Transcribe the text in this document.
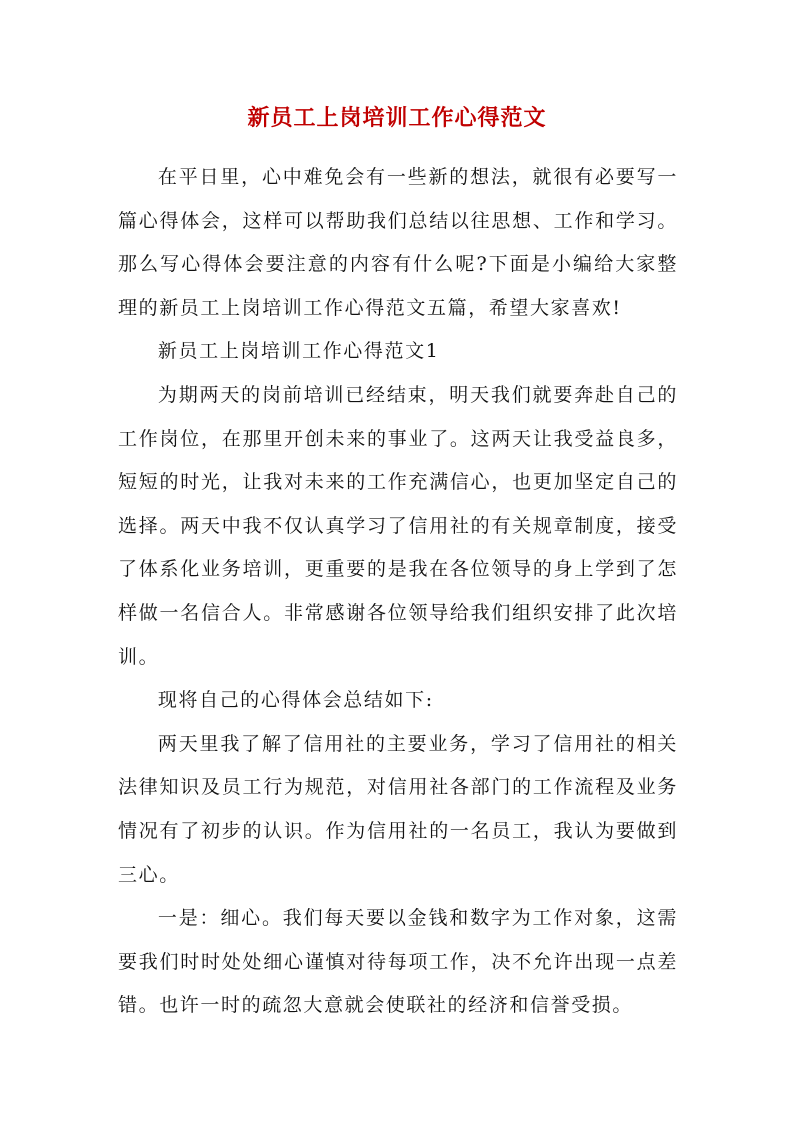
新员工上岗培训工作心得范文

在平日里，心中难免会有一些新的想法，就很有必要写一篇心得体会，这样可以帮助我们总结以往思想、工作和学习。那么写心得体会要注意的内容有什么呢?下面是小编给大家整理的新员工上岗培训工作心得范文五篇，希望大家喜欢!

新员工上岗培训工作心得范文1

为期两天的岗前培训已经结束，明天我们就要奔赴自己的工作岗位，在那里开创未来的事业了。这两天让我受益良多，短短的时光，让我对未来的工作充满信心，也更加坚定自己的选择。两天中我不仅认真学习了信用社的有关规章制度，接受了体系化业务培训，更重要的是我在各位领导的身上学到了怎样做一名信合人。非常感谢各位领导给我们组织安排了此次培训。

现将自己的心得体会总结如下:

两天里我了解了信用社的主要业务，学习了信用社的相关法律知识及员工行为规范，对信用社各部门的工作流程及业务情况有了初步的认识。作为信用社的一名员工，我认为要做到三心。

一是：细心。我们每天要以金钱和数字为工作对象，这需要我们时时处处细心谨慎对待每项工作，决不允许出现一点差错。也许一时的疏忽大意就会使联社的经济和信誉受损。
